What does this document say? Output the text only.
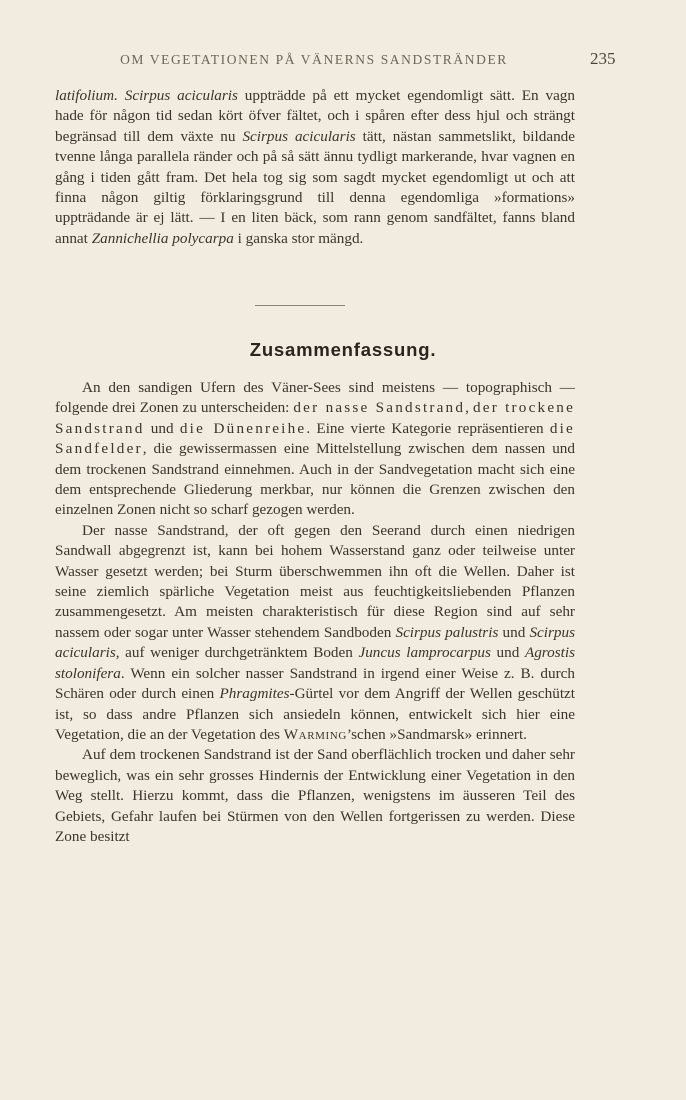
OM VEGETATIONEN PÅ VÄNERNS SANDSTRÄNDER	235

latifolium. Scirpus acicularis uppträdde på ett mycket egendomligt sätt. En vagn hade för någon tid sedan kört öfver fältet, och i spåren efter dess hjul och strängt begränsad till dem växte nu Scirpus acicularis tätt, nästan sammetslikt, bildande tvenne långa parallela ränder och på så sätt ännu tydligt markerande, hvar vagnen en gång i tiden gått fram. Det hela tog sig som sagdt mycket egendomligt ut och att finna någon giltig förklaringsgrund till denna egendomliga »formations» uppträdande är ej lätt. — I en liten bäck, som rann genom sandfältet, fanns bland annat Zannichellia polycarpa i ganska stor mängd.

Zusammenfassung.

An den sandigen Ufern des Väner-Sees sind meistens — topographisch — folgende drei Zonen zu unterscheiden: der nasse Sandstrand, der trockene Sandstrand und die Dünenreihe. Eine vierte Kategorie repräsentieren die Sandfelder, die gewissermassen eine Mittelstellung zwischen dem nassen und dem trockenen Sandstrand einnehmen. Auch in der Sandvegetation macht sich eine dem entsprechende Gliederung merkbar, nur können die Grenzen zwischen den einzelnen Zonen nicht so scharf gezogen werden.

Der nasse Sandstrand, der oft gegen den Seerand durch einen niedrigen Sandwall abgegrenzt ist, kann bei hohem Wasserstand ganz oder teilweise unter Wasser gesetzt werden; bei Sturm überschwemmen ihn oft die Wellen. Daher ist seine ziemlich spärliche Vegetation meist aus feuchtigkeitsliebenden Pflanzen zusammengesetzt. Am meisten charakteristisch für diese Region sind auf sehr nassem oder sogar unter Wasser stehendem Sandboden Scirpus palustris und Scirpus acicularis, auf weniger durchgetränktem Boden Juncus lamprocarpus und Agrostis stolonifera. Wenn ein solcher nasser Sandstrand in irgend einer Weise z. B. durch Schären oder durch einen Phragmites-Gürtel vor dem Angriff der Wellen geschützt ist, so dass andre Pflanzen sich ansiedeln können, entwickelt sich hier eine Vegetation, die an der Vegetation des Warming’schen »Sandmarsk» erinnert.

Auf dem trockenen Sandstrand ist der Sand oberflächlich trocken und daher sehr beweglich, was ein sehr grosses Hindernis der Entwicklung einer Vegetation in den Weg stellt. Hierzu kommt, dass die Pflanzen, wenigstens im äusseren Teil des Gebiets, Gefahr laufen bei Stürmen von den Wellen fortgerissen zu werden. Diese Zone besitzt
